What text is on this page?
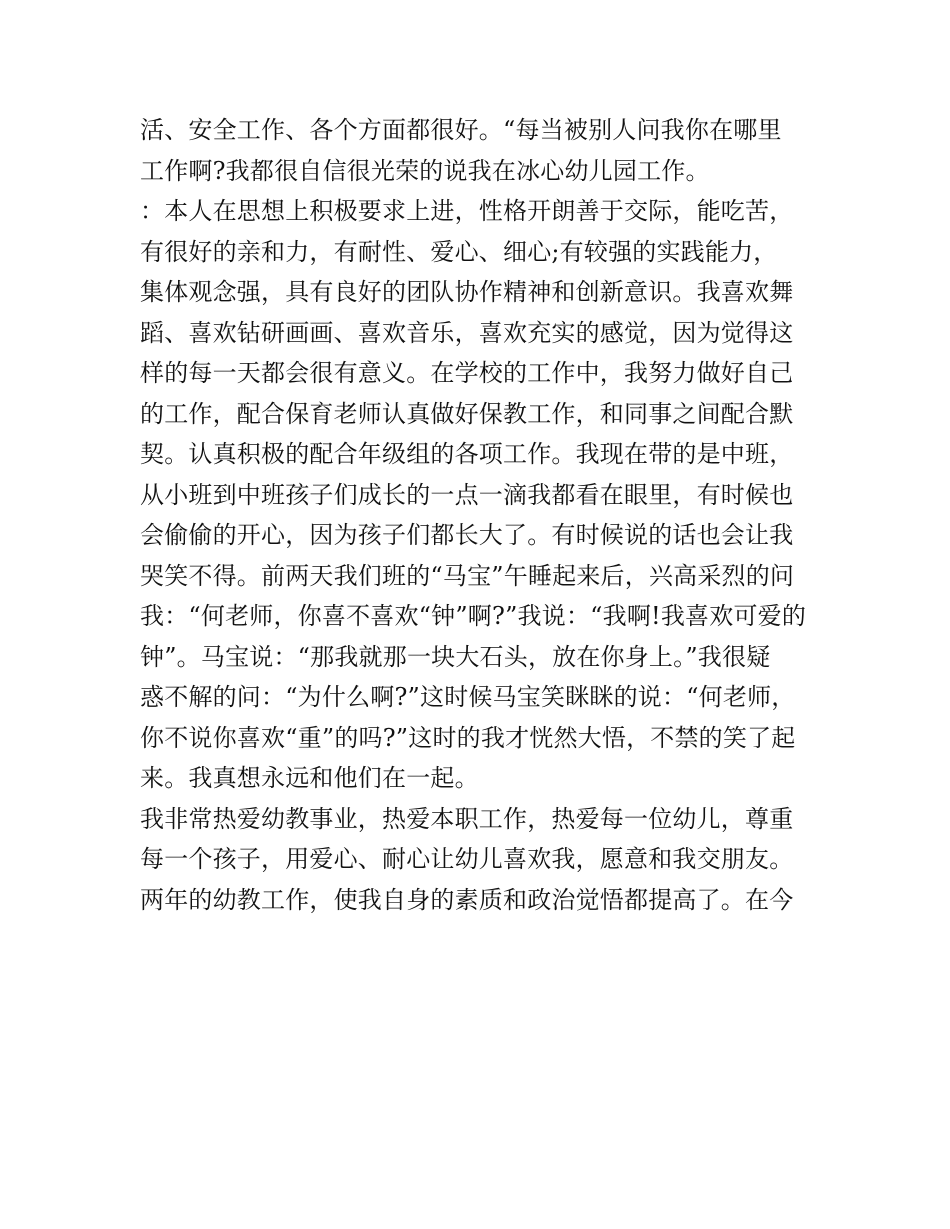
活、安全工作、各个方面都很好。“每当被别人问我你在哪里
工作啊?我都很自信很光荣的说我在冰心幼儿园工作。
：本人在思想上积极要求上进，性格开朗善于交际，能吃苦，
有很好的亲和力，有耐性、爱心、细心;有较强的实践能力，
集体观念强，具有良好的团队协作精神和创新意识。我喜欢舞
蹈、喜欢钻研画画、喜欢音乐，喜欢充实的感觉，因为觉得这
样的每一天都会很有意义。在学校的工作中，我努力做好自己
的工作，配合保育老师认真做好保教工作，和同事之间配合默
契。认真积极的配合年级组的各项工作。我现在带的是中班，
从小班到中班孩子们成长的一点一滴我都看在眼里，有时候也
会偷偷的开心，因为孩子们都长大了。有时候说的话也会让我
哭笑不得。前两天我们班的“马宝”午睡起来后，兴高采烈的问
我：“何老师，你喜不喜欢“钟”啊?”我说：“我啊!我喜欢可爱的
钟”。马宝说：“那我就那一块大石头，放在你身上。”我很疑
惑不解的问：“为什么啊?”这时候马宝笑眯眯的说：“何老师，
你不说你喜欢“重”的吗?”这时的我才恍然大悟，不禁的笑了起
来。我真想永远和他们在一起。
我非常热爱幼教事业，热爱本职工作，热爱每一位幼儿，尊重
每一个孩子，用爱心、耐心让幼儿喜欢我，愿意和我交朋友。
两年的幼教工作，使我自身的素质和政治觉悟都提高了。在今
